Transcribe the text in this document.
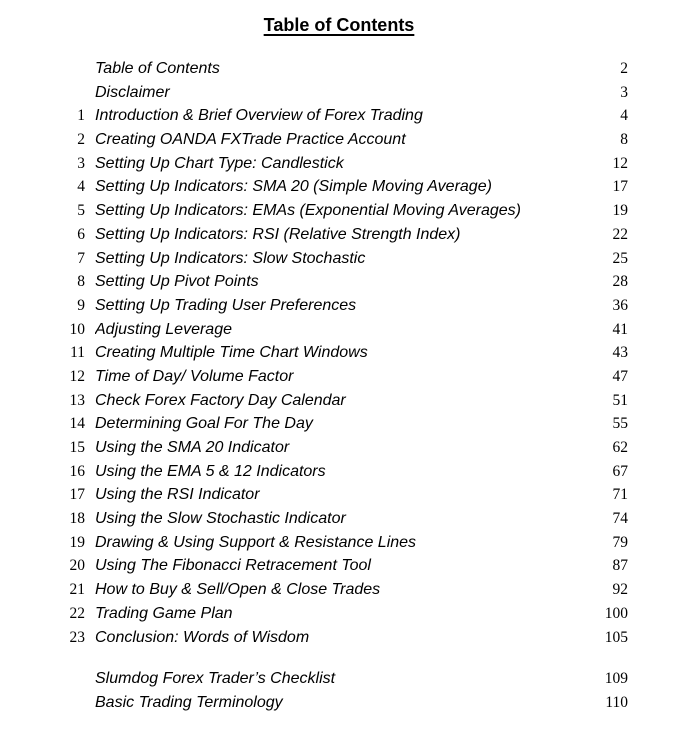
Table of Contents
Table of Contents	2
Disclaimer	3
1 Introduction & Brief Overview of Forex Trading	4
2 Creating OANDA FXTrade Practice Account	8
3 Setting Up Chart Type: Candlestick	12
4 Setting Up Indicators: SMA 20 (Simple Moving Average)	17
5 Setting Up Indicators: EMAs (Exponential Moving Averages)	19
6 Setting Up Indicators: RSI (Relative Strength Index)	22
7 Setting Up Indicators: Slow Stochastic	25
8 Setting Up Pivot Points	28
9 Setting Up Trading User Preferences	36
10 Adjusting Leverage	41
11 Creating Multiple Time Chart Windows	43
12 Time of Day/ Volume Factor	47
13 Check Forex Factory Day Calendar	51
14 Determining Goal For The Day	55
15 Using the SMA 20 Indicator	62
16 Using the EMA 5 & 12 Indicators	67
17 Using the RSI Indicator	71
18 Using the Slow Stochastic Indicator	74
19 Drawing & Using Support & Resistance Lines	79
20 Using The Fibonacci Retracement Tool	87
21 How to Buy & Sell/Open & Close Trades	92
22 Trading Game Plan	100
23 Conclusion: Words of Wisdom	105
Slumdog Forex Trader’s Checklist	109
Basic Trading Terminology	110
